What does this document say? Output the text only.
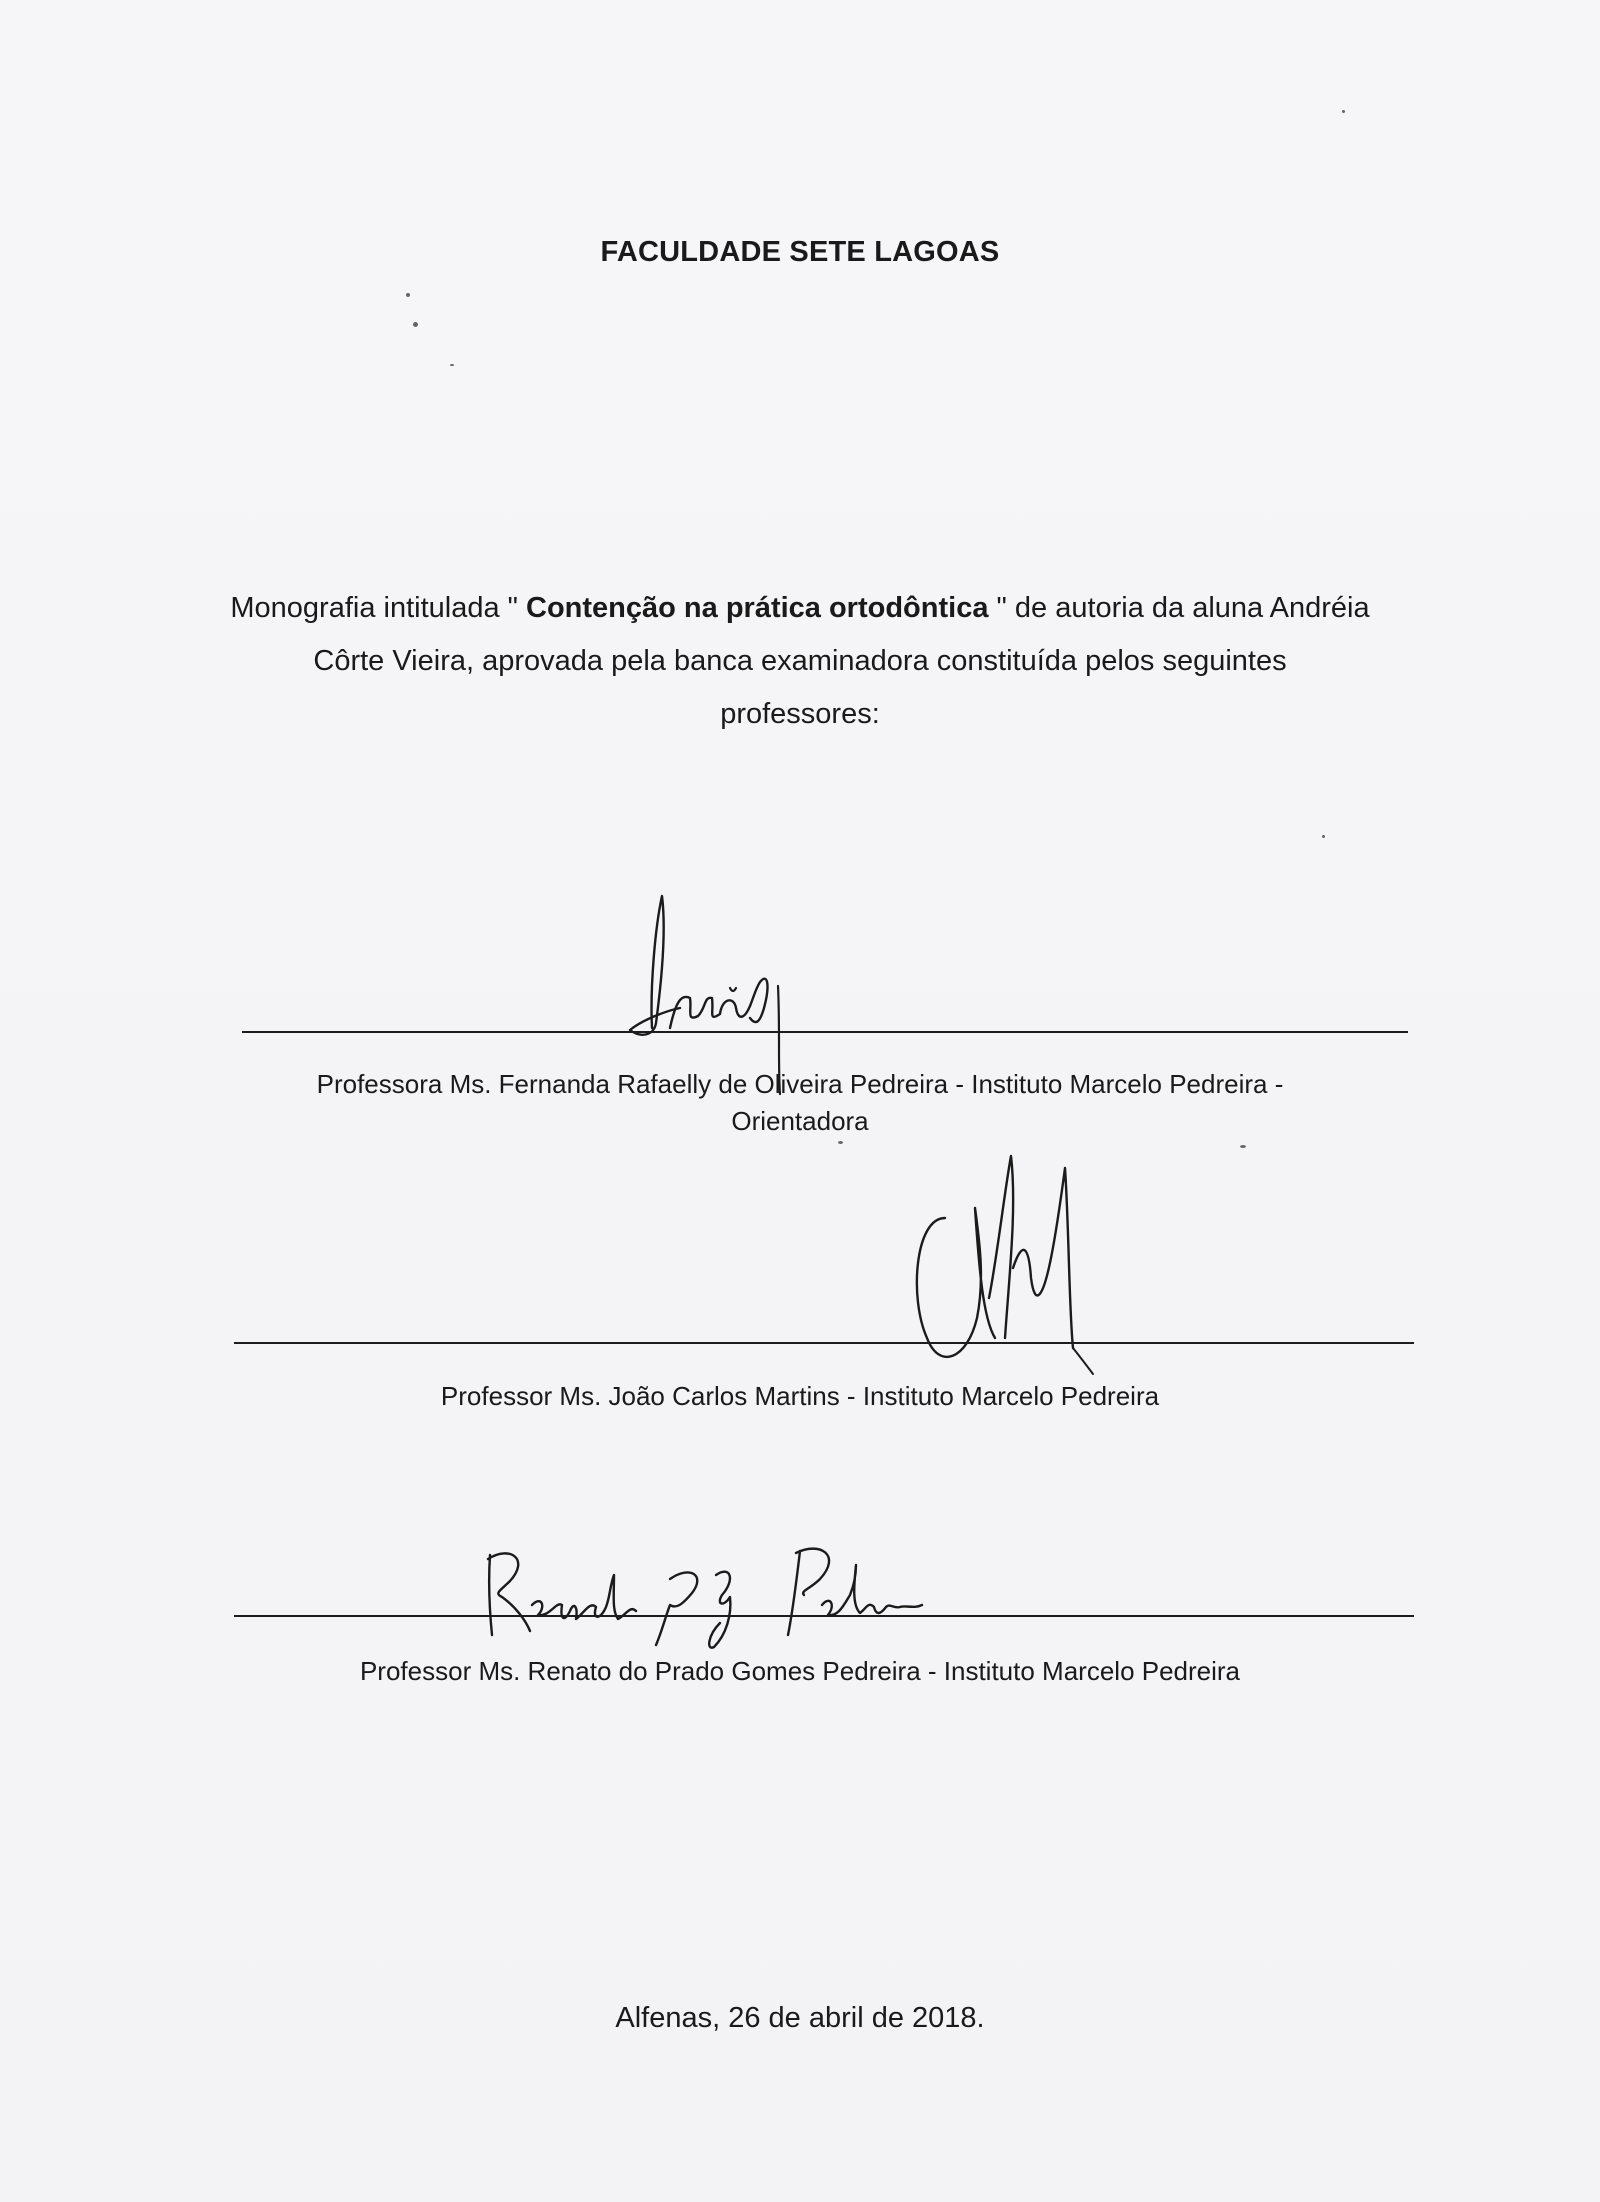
FACULDADE SETE LAGOAS
Monografia intitulada " Contenção na prática ortodôntica " de autoria da aluna Andréia Côrte Vieira, aprovada pela banca examinadora constituída pelos seguintes professores:
Professora Ms. Fernanda Rafaelly de Oliveira Pedreira - Instituto Marcelo Pedreira - Orientadora
Professor Ms. João Carlos Martins - Instituto Marcelo Pedreira
Professor Ms. Renato do Prado Gomes Pedreira - Instituto Marcelo Pedreira
Alfenas, 26 de abril de 2018.
